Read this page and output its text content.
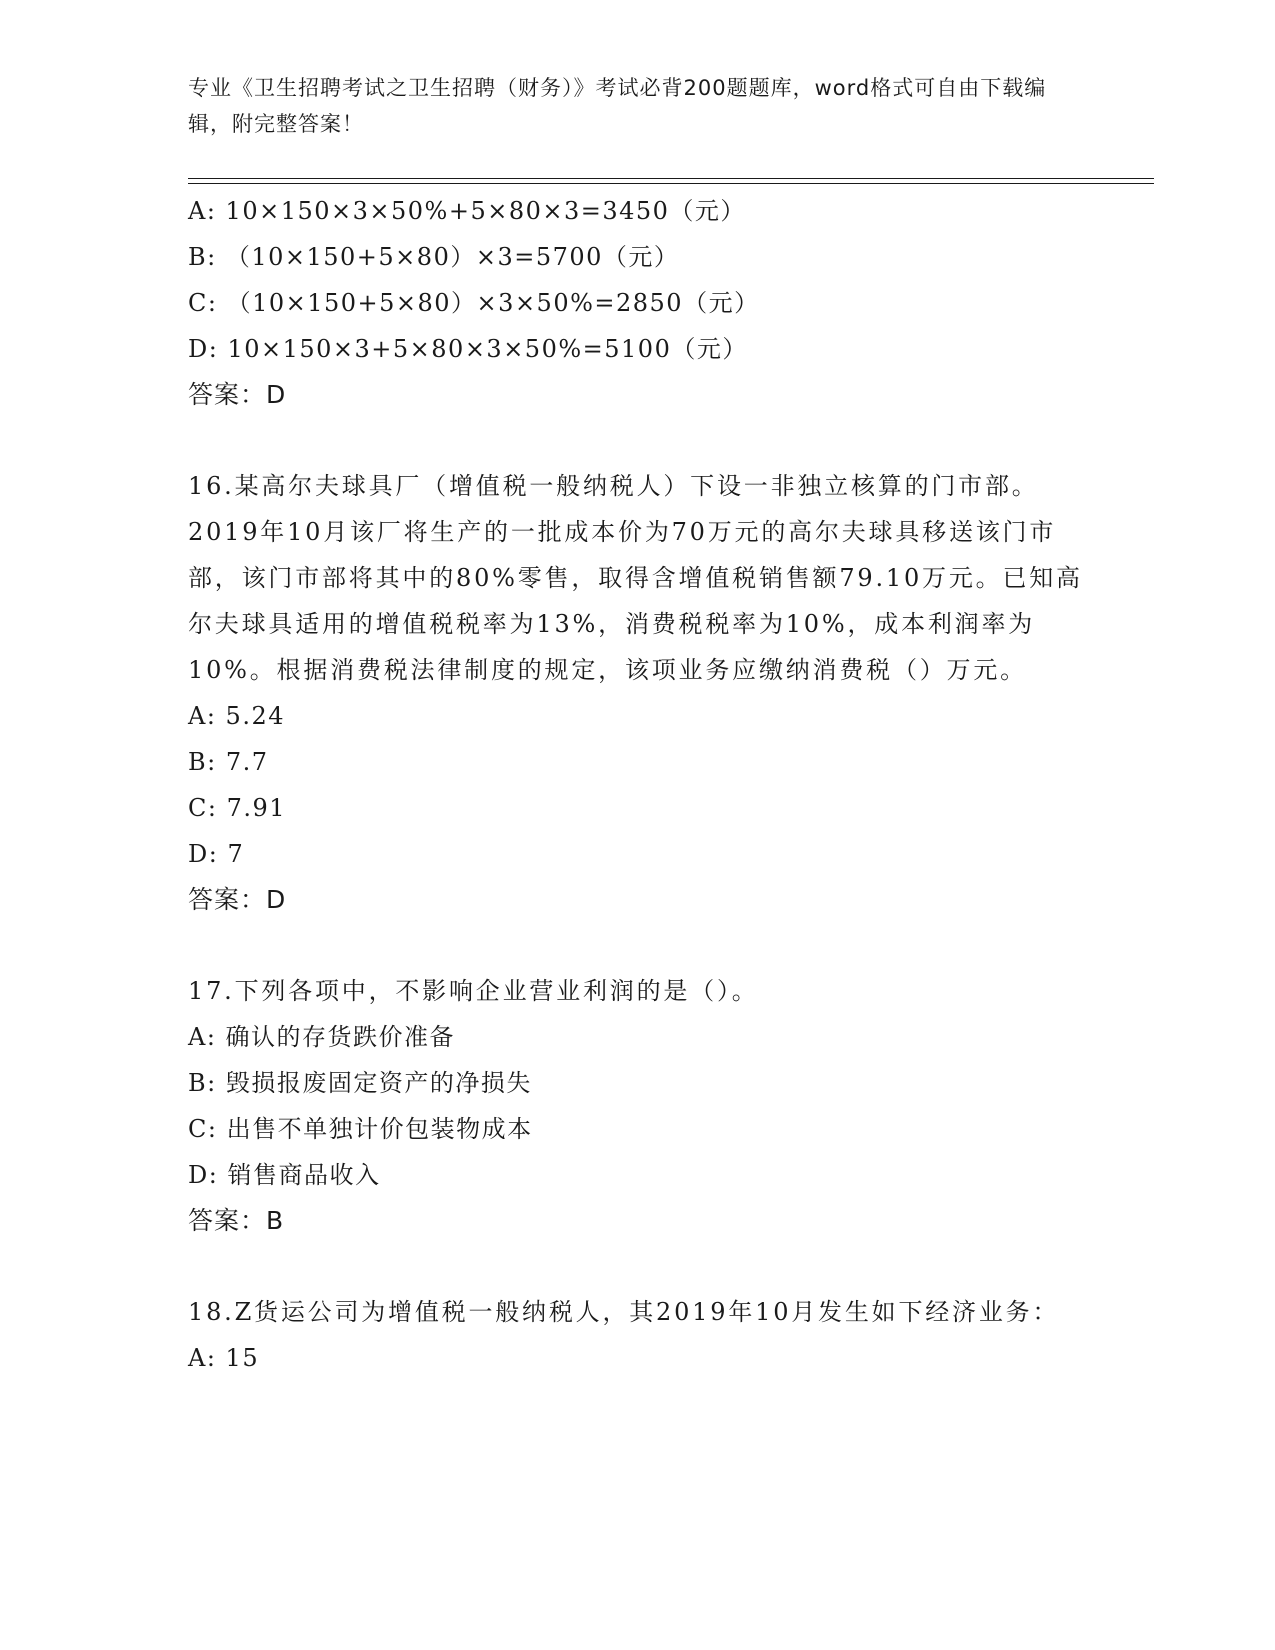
专业《卫生招聘考试之卫生招聘（财务）》考试必背200题题库，word格式可自由下载编辑，附完整答案！
A: 10×150×3×50%+5×80×3=3450（元）
B: （10×150+5×80）×3=5700（元）
C: （10×150+5×80）×3×50%=2850（元）
D: 10×150×3+5×80×3×50%=5100（元）
答案：D
16.某高尔夫球具厂（增值税一般纳税人）下设一非独立核算的门市部。2019年10月该厂将生产的一批成本价为70万元的高尔夫球具移送该门市部，该门市部将其中的80%零售，取得含增值税销售额79.10万元。已知高尔夫球具适用的增值税税率为13%，消费税税率为10%，成本利润率为10%。根据消费税法律制度的规定，该项业务应缴纳消费税（）万元。
A: 5.24
B: 7.7
C: 7.91
D: 7
答案：D
17.下列各项中，不影响企业营业利润的是（）。
A: 确认的存货跌价准备
B: 毁损报废固定资产的净损失
C: 出售不单独计价包装物成本
D: 销售商品收入
答案：B
18.Z货运公司为增值税一般纳税人，其2019年10月发生如下经济业务：
A: 15
